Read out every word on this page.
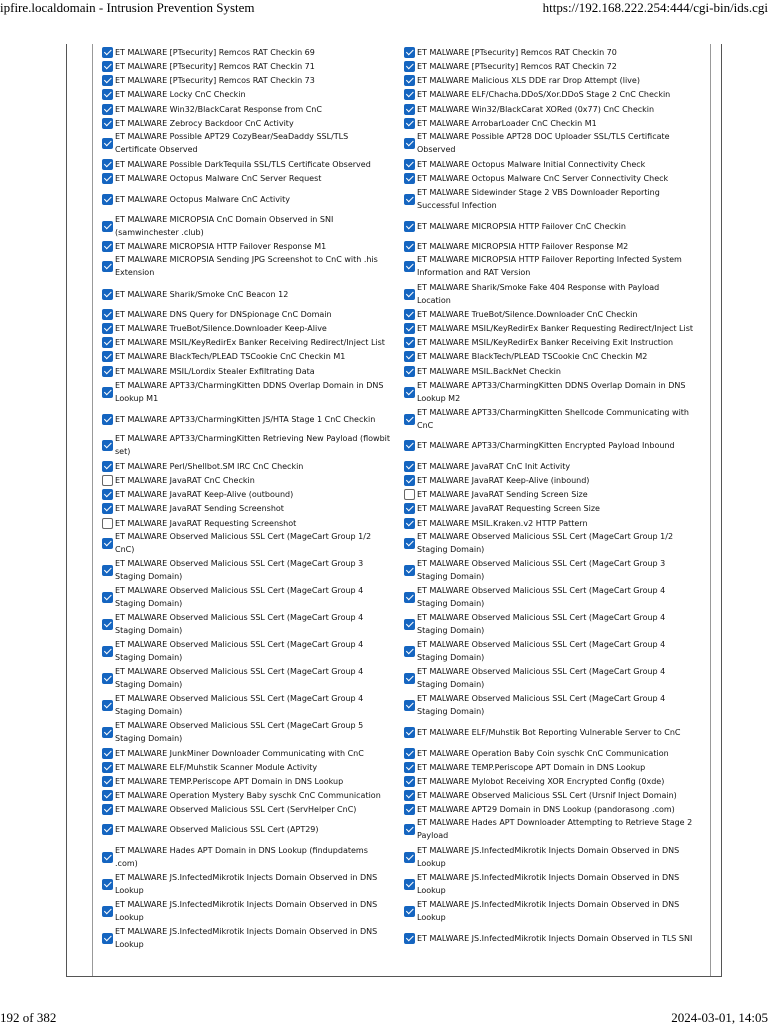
ipfire.localdomain - Intrusion Prevention System	https://192.168.222.254:444/cgi-bin/ids.cgi
ET MALWARE [PTsecurity] Remcos RAT Checkin 69
ET MALWARE [PTsecurity] Remcos RAT Checkin 71
ET MALWARE [PTsecurity] Remcos RAT Checkin 73
ET MALWARE Locky CnC Checkin
ET MALWARE Win32/BlackCarat Response from CnC
ET MALWARE Zebrocy Backdoor CnC Activity
ET MALWARE Possible APT29 CozyBear/SeaDaddy SSL/TLS Certificate Observed
ET MALWARE Possible DarkTequila SSL/TLS Certificate Observed
ET MALWARE Octopus Malware CnC Server Request
ET MALWARE Octopus Malware CnC Activity
ET MALWARE MICROPSIA CnC Domain Observed in SNI (samwinchester .club)
ET MALWARE MICROPSIA HTTP Failover Response M1
ET MALWARE MICROPSIA Sending JPG Screenshot to CnC with .his Extension
ET MALWARE Sharik/Smoke CnC Beacon 12
ET MALWARE DNS Query for DNSpionage CnC Domain
ET MALWARE TrueBot/Silence.Downloader Keep-Alive
ET MALWARE MSIL/KeyRedirEx Banker Receiving Redirect/Inject List
ET MALWARE BlackTech/PLEAD TSCookie CnC Checkin M1
ET MALWARE MSIL/Lordix Stealer Exfiltrating Data
ET MALWARE APT33/CharmingKitten DDNS Overlap Domain in DNS Lookup M1
ET MALWARE APT33/CharmingKitten JS/HTA Stage 1 CnC Checkin
ET MALWARE APT33/CharmingKitten Retrieving New Payload (flowbit set)
ET MALWARE Perl/Shellbot.SM IRC CnC Checkin
ET MALWARE JavaRAT CnC Checkin
ET MALWARE JavaRAT Keep-Alive (outbound)
ET MALWARE JavaRAT Sending Screenshot
ET MALWARE JavaRAT Requesting Screenshot
ET MALWARE Observed Malicious SSL Cert (MageCart Group 1/2 CnC)
ET MALWARE Observed Malicious SSL Cert (MageCart Group 3 Staging Domain)
ET MALWARE Observed Malicious SSL Cert (MageCart Group 4 Staging Domain)
ET MALWARE Observed Malicious SSL Cert (MageCart Group 4 Staging Domain)
ET MALWARE Observed Malicious SSL Cert (MageCart Group 4 Staging Domain)
ET MALWARE Observed Malicious SSL Cert (MageCart Group 4 Staging Domain)
ET MALWARE Observed Malicious SSL Cert (MageCart Group 4 Staging Domain)
ET MALWARE Observed Malicious SSL Cert (MageCart Group 5 Staging Domain)
ET MALWARE JunkMiner Downloader Communicating with CnC
ET MALWARE ELF/Muhstik Scanner Module Activity
ET MALWARE TEMP.Periscope APT Domain in DNS Lookup
ET MALWARE Operation Mystery Baby syschk CnC Communication
ET MALWARE Observed Malicious SSL Cert (ServHelper CnC)
ET MALWARE Observed Malicious SSL Cert (APT29)
ET MALWARE Hades APT Domain in DNS Lookup (findupdatems .com)
ET MALWARE JS.InfectedMikrotik Injects Domain Observed in DNS Lookup
ET MALWARE JS.InfectedMikrotik Injects Domain Observed in DNS Lookup
ET MALWARE JS.InfectedMikrotik Injects Domain Observed in DNS Lookup
ET MALWARE [PTsecurity] Remcos RAT Checkin 70
ET MALWARE [PTsecurity] Remcos RAT Checkin 72
ET MALWARE Malicious XLS DDE rar Drop Attempt (live)
ET MALWARE ELF/Chacha.DDoS/Xor.DDoS Stage 2 CnC Checkin
ET MALWARE Win32/BlackCarat XORed (0x77) CnC Checkin
ET MALWARE ArrobarLoader CnC Checkin M1
ET MALWARE Possible APT28 DOC Uploader SSL/TLS Certificate Observed
ET MALWARE Octopus Malware Initial Connectivity Check
ET MALWARE Octopus Malware CnC Server Connectivity Check
ET MALWARE Sidewinder Stage 2 VBS Downloader Reporting Successful Infection
ET MALWARE MICROPSIA HTTP Failover CnC Checkin
ET MALWARE MICROPSIA HTTP Failover Response M2
ET MALWARE MICROPSIA HTTP Failover Reporting Infected System Information and RAT Version
ET MALWARE Sharik/Smoke Fake 404 Response with Payload Location
ET MALWARE TrueBot/Silence.Downloader CnC Checkin
ET MALWARE MSIL/KeyRedirEx Banker Requesting Redirect/Inject List
ET MALWARE MSIL/KeyRedirEx Banker Receiving Exit Instruction
ET MALWARE BlackTech/PLEAD TSCookie CnC Checkin M2
ET MALWARE MSIL.BackNet Checkin
ET MALWARE APT33/CharmingKitten DDNS Overlap Domain in DNS Lookup M2
ET MALWARE APT33/CharmingKitten Shellcode Communicating with CnC
ET MALWARE APT33/CharmingKitten Encrypted Payload Inbound
ET MALWARE JavaRAT CnC Init Activity
ET MALWARE JavaRAT Keep-Alive (inbound)
ET MALWARE JavaRAT Sending Screen Size
ET MALWARE JavaRAT Requesting Screen Size
ET MALWARE MSIL.Kraken.v2 HTTP Pattern
ET MALWARE Observed Malicious SSL Cert (MageCart Group 1/2 Staging Domain)
ET MALWARE Observed Malicious SSL Cert (MageCart Group 3 Staging Domain)
ET MALWARE Observed Malicious SSL Cert (MageCart Group 4 Staging Domain)
ET MALWARE Observed Malicious SSL Cert (MageCart Group 4 Staging Domain)
ET MALWARE Observed Malicious SSL Cert (MageCart Group 4 Staging Domain)
ET MALWARE Observed Malicious SSL Cert (MageCart Group 4 Staging Domain)
ET MALWARE Observed Malicious SSL Cert (MageCart Group 4 Staging Domain)
ET MALWARE ELF/Muhstik Bot Reporting Vulnerable Server to CnC
ET MALWARE Operation Baby Coin syschk CnC Communication
ET MALWARE TEMP.Periscope APT Domain in DNS Lookup
ET MALWARE Mylobot Receiving XOR Encrypted Config (0xde)
ET MALWARE Observed Malicious SSL Cert (Ursnif Inject Domain)
ET MALWARE APT29 Domain in DNS Lookup (pandorasong .com)
ET MALWARE Hades APT Downloader Attempting to Retrieve Stage 2 Payload
ET MALWARE JS.InfectedMikrotik Injects Domain Observed in DNS Lookup
ET MALWARE JS.InfectedMikrotik Injects Domain Observed in DNS Lookup
ET MALWARE JS.InfectedMikrotik Injects Domain Observed in DNS Lookup
ET MALWARE JS.InfectedMikrotik Injects Domain Observed in TLS SNI
192 of 382	2024-03-01, 14:05
